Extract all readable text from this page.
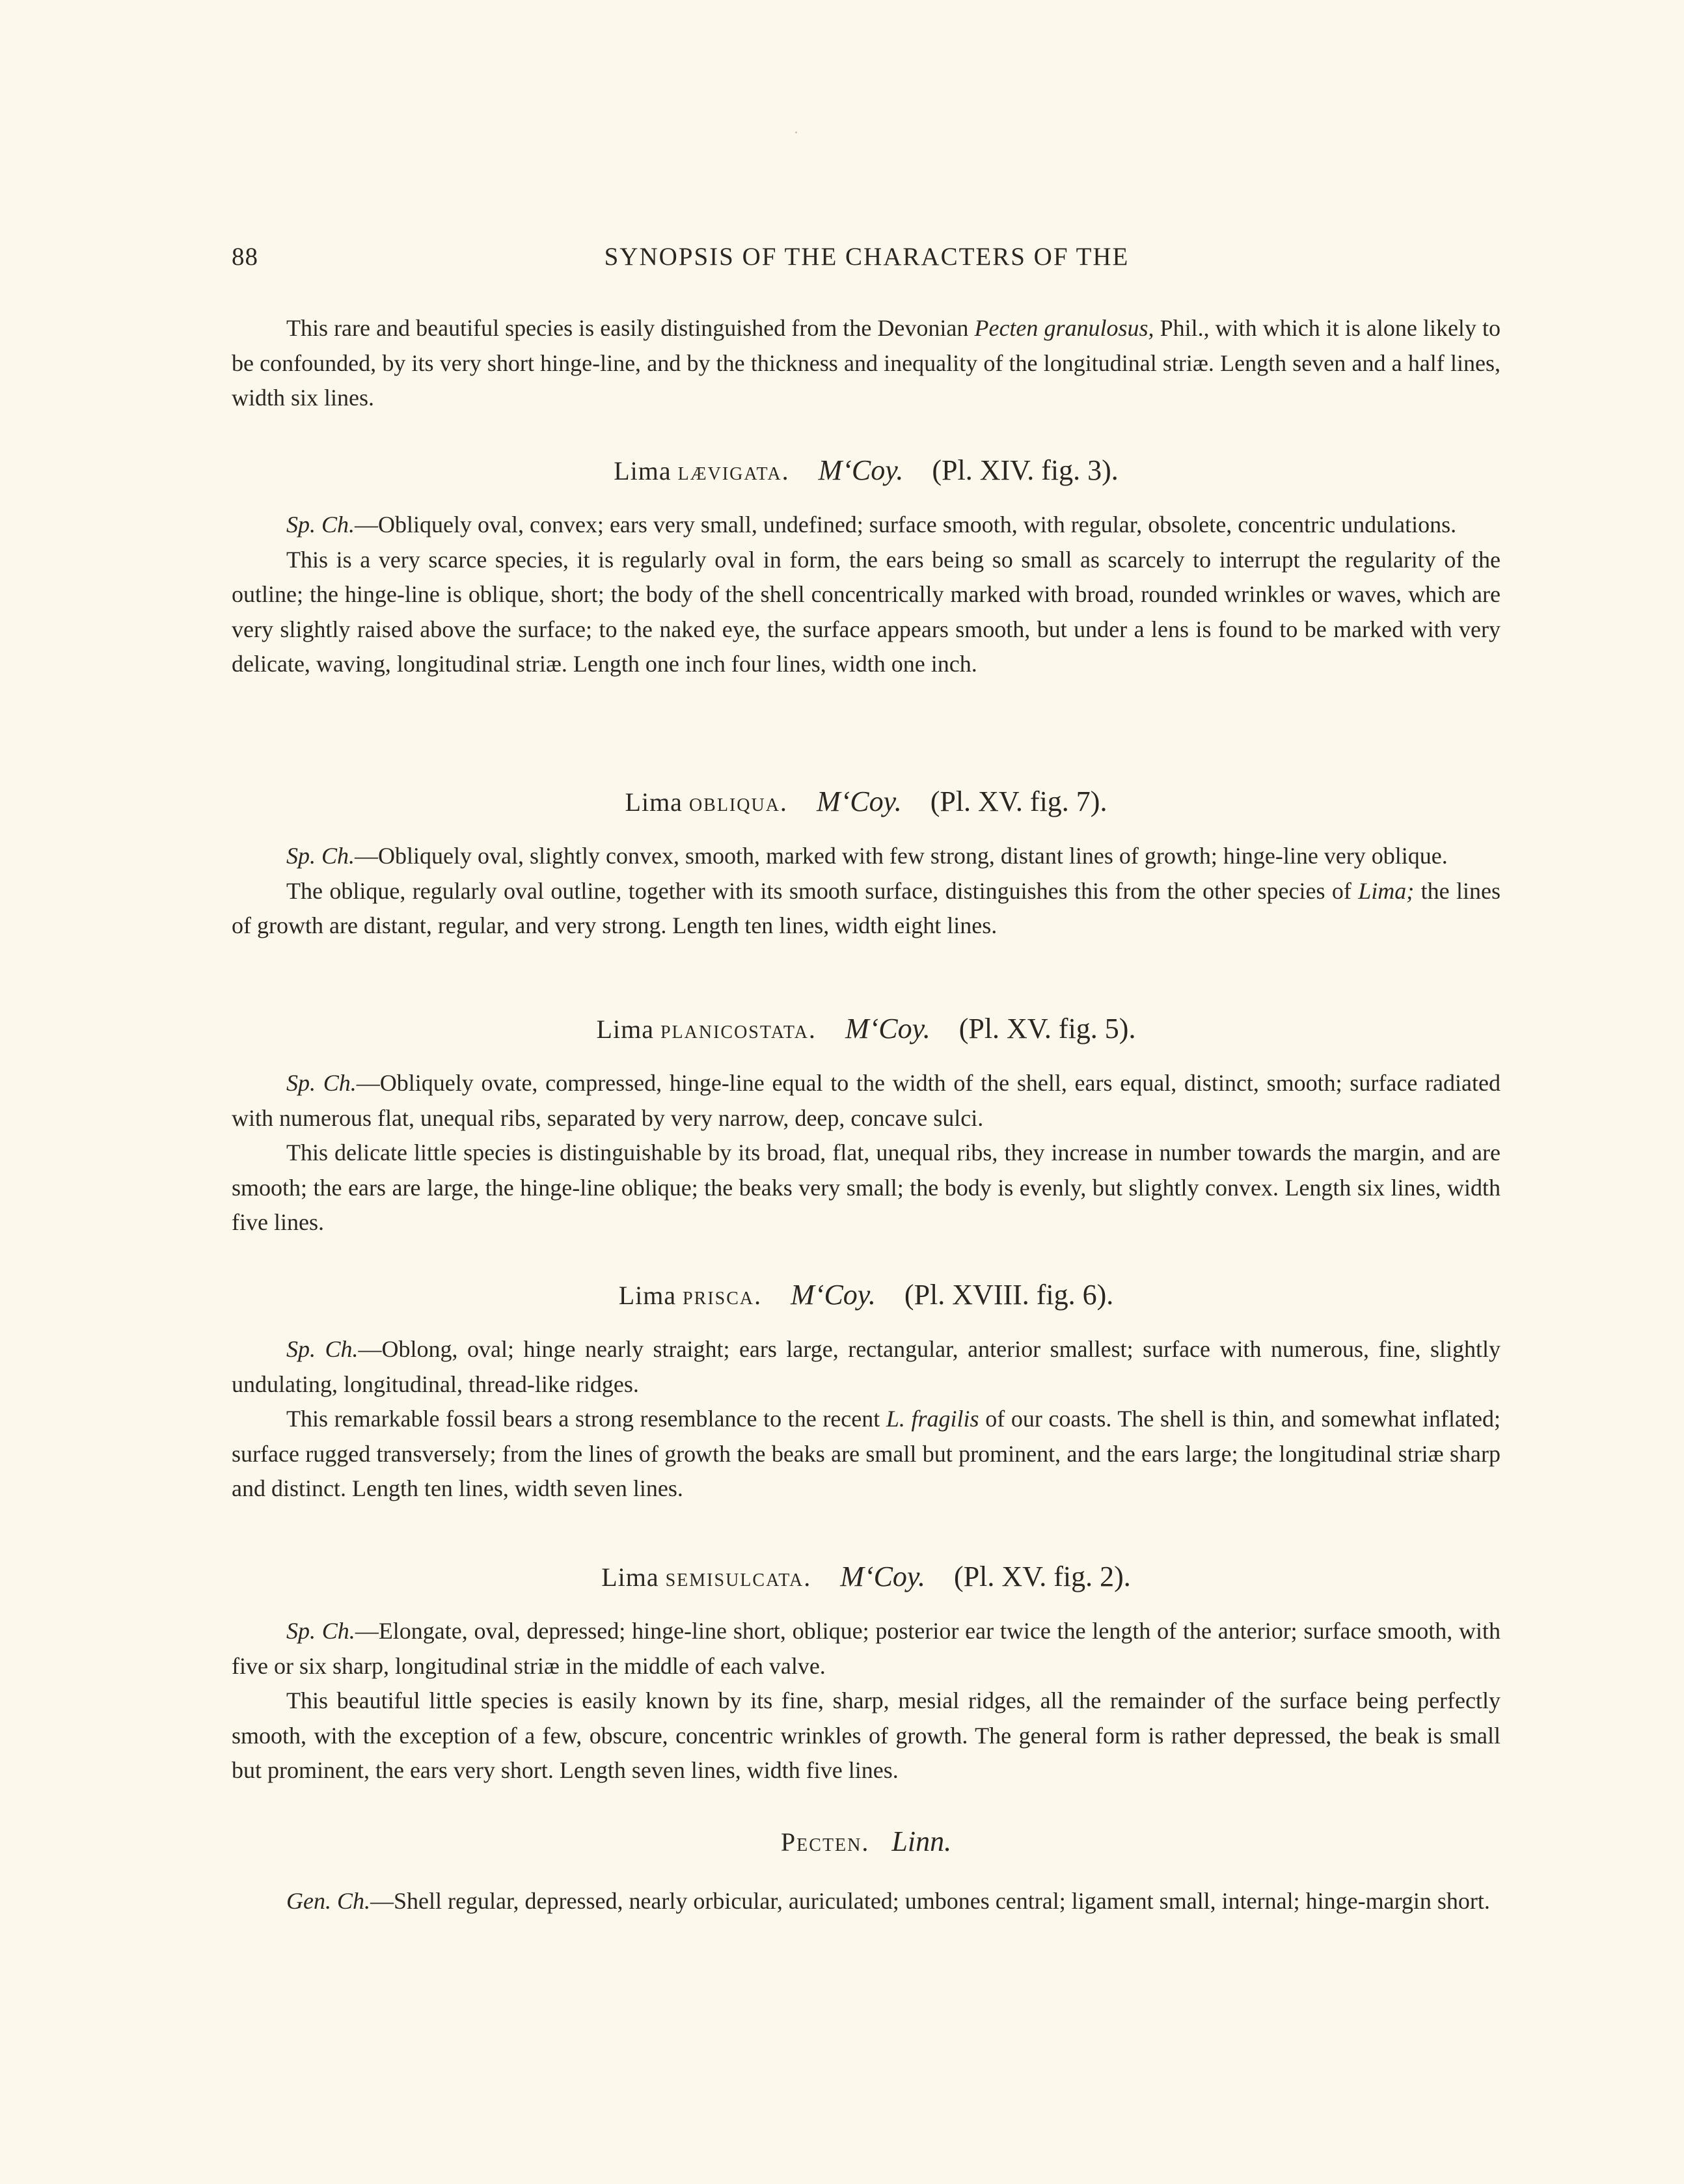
88	SYNOPSIS OF THE CHARACTERS OF THE

This rare and beautiful species is easily distinguished from the Devonian Pecten granulosus, Phil., with which it is alone likely to be confounded, by its very short hinge-line, and by the thickness and inequality of the longitudinal striæ. Length seven and a half lines, width six lines.

Lima lævigata. M‘Coy. (Pl. XIV. fig. 3).

Sp. Ch.—Obliquely oval, convex; ears very small, undefined; surface smooth, with regular, obsolete, concentric undulations.

This is a very scarce species, it is regularly oval in form, the ears being so small as scarcely to interrupt the regularity of the outline; the hinge-line is oblique, short; the body of the shell concentrically marked with broad, rounded wrinkles or waves, which are very slightly raised above the surface; to the naked eye, the surface appears smooth, but under a lens is found to be marked with very delicate, waving, longitudinal striæ. Length one inch four lines, width one inch.

Lima obliqua. M‘Coy. (Pl. XV. fig. 7).

Sp. Ch.—Obliquely oval, slightly convex, smooth, marked with few strong, distant lines of growth; hinge-line very oblique.

The oblique, regularly oval outline, together with its smooth surface, distinguishes this from the other species of Lima; the lines of growth are distant, regular, and very strong. Length ten lines, width eight lines.

Lima planicostata. M‘Coy. (Pl. XV. fig. 5).

Sp. Ch.—Obliquely ovate, compressed, hinge-line equal to the width of the shell, ears equal, distinct, smooth; surface radiated with numerous flat, unequal ribs, separated by very narrow, deep, concave sulci.

This delicate little species is distinguishable by its broad, flat, unequal ribs, they increase in number towards the margin, and are smooth; the ears are large, the hinge-line oblique; the beaks very small; the body is evenly, but slightly convex. Length six lines, width five lines.

Lima prisca. M‘Coy. (Pl. XVIII. fig. 6).

Sp. Ch.—Oblong, oval; hinge nearly straight; ears large, rectangular, anterior smallest; surface with numerous, fine, slightly undulating, longitudinal, thread-like ridges.

This remarkable fossil bears a strong resemblance to the recent L. fragilis of our coasts. The shell is thin, and somewhat inflated; surface rugged transversely; from the lines of growth the beaks are small but prominent, and the ears large; the longitudinal striæ sharp and distinct. Length ten lines, width seven lines.

Lima semisulcata. M‘Coy. (Pl. XV. fig. 2).

Sp. Ch.—Elongate, oval, depressed; hinge-line short, oblique; posterior ear twice the length of the anterior; surface smooth, with five or six sharp, longitudinal striæ in the middle of each valve.

This beautiful little species is easily known by its fine, sharp, mesial ridges, all the remainder of the surface being perfectly smooth, with the exception of a few, obscure, concentric wrinkles of growth. The general form is rather depressed, the beak is small but prominent, the ears very short. Length seven lines, width five lines.

Pecten. Linn.

Gen. Ch.—Shell regular, depressed, nearly orbicular, auriculated; umbones central; ligament small, internal; hinge-margin short.
